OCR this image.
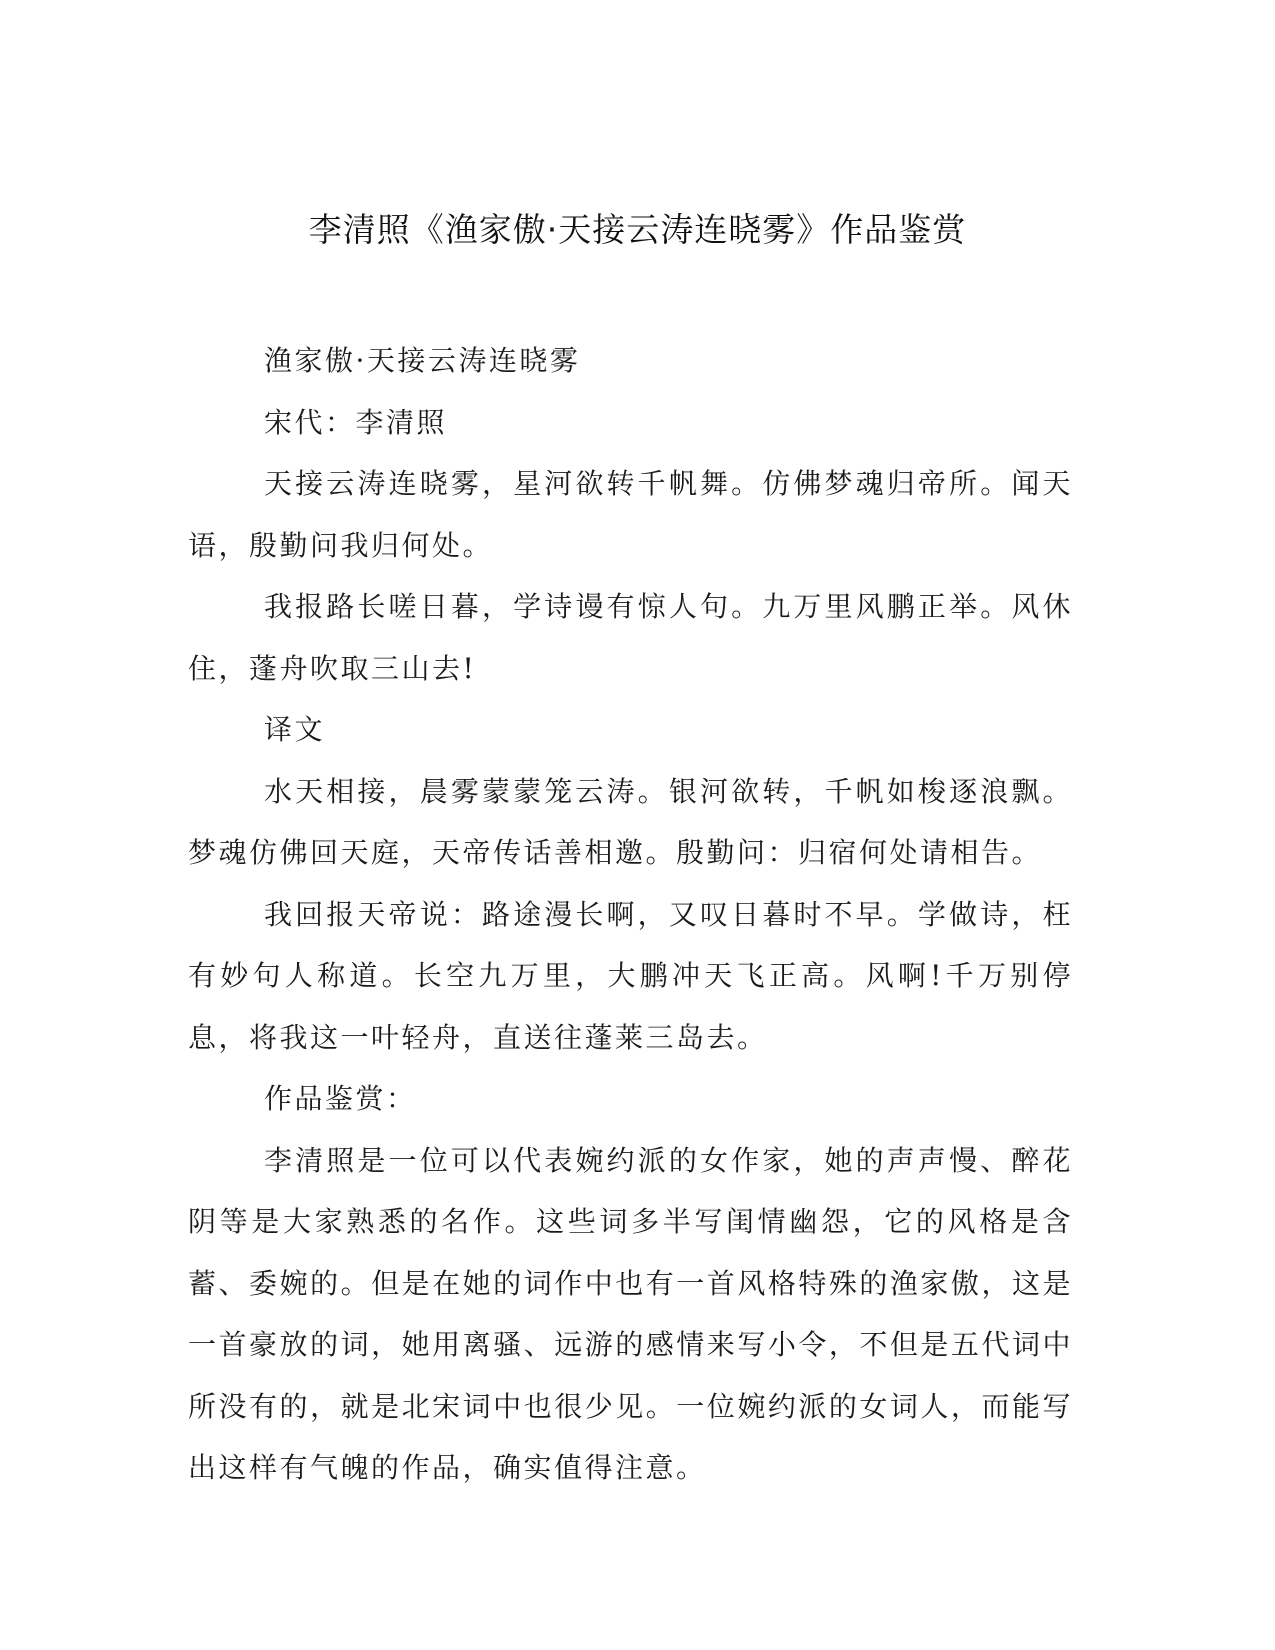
李清照《渔家傲·天接云涛连晓雾》作品鉴赏

渔家傲·天接云涛连晓雾

宋代：李清照

天接云涛连晓雾，星河欲转千帆舞。仿佛梦魂归帝所。闻天语，殷勤问我归何处。

我报路长嗟日暮，学诗谩有惊人句。九万里风鹏正举。风休住，蓬舟吹取三山去!

译文

水天相接，晨雾蒙蒙笼云涛。银河欲转，千帆如梭逐浪飘。梦魂仿佛回天庭，天帝传话善相邀。殷勤问：归宿何处请相告。

我回报天帝说：路途漫长啊，又叹日暮时不早。学做诗，枉有妙句人称道。长空九万里，大鹏冲天飞正高。风啊!千万别停息，将我这一叶轻舟，直送往蓬莱三岛去。

作品鉴赏：

李清照是一位可以代表婉约派的女作家，她的声声慢、醉花阴等是大家熟悉的名作。这些词多半写闺情幽怨，它的风格是含蓄、委婉的。但是在她的词作中也有一首风格特殊的渔家傲，这是一首豪放的词，她用离骚、远游的感情来写小令，不但是五代词中所没有的，就是北宋词中也很少见。一位婉约派的女词人，而能写出这样有气魄的作品，确实值得注意。
